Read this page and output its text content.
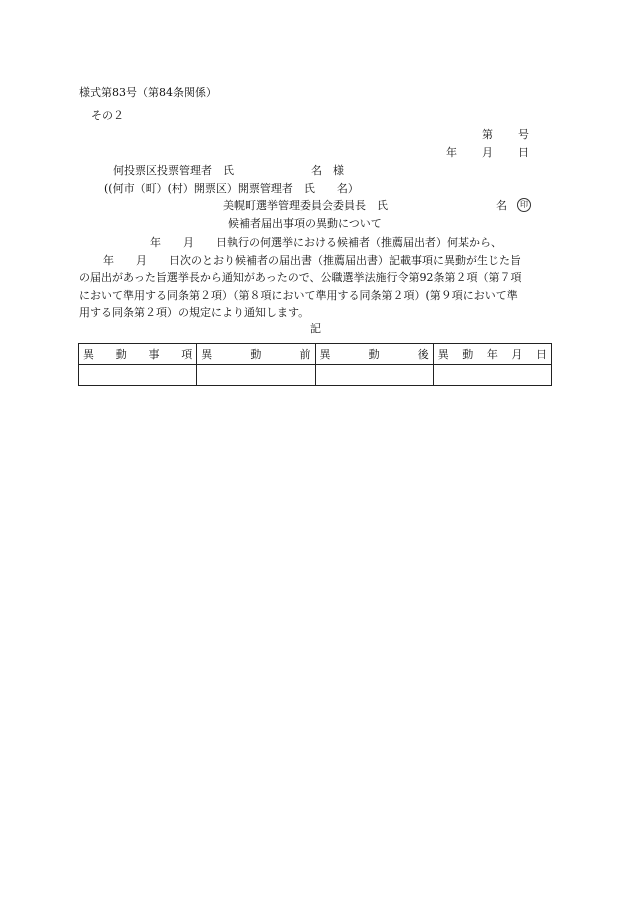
様式第83号（第84条関係）
その２
第 号
年 月 日
何投票区投票管理者　氏　　　　　　　名　様
((何市（町）(村）開票区）開票管理者　氏　　名）
美幌町選挙管理委員会委員長　氏	名	印
候補者届出事項の異動について
年　　月　　日執行の何選挙における候補者（推薦届出者）何某から、
年　　月　　日次のとおり候補者の届出書（推薦届出書）記載事項に異動が生じた旨
の届出があった旨選挙長から通知があったので、公職選挙法施行令第92条第２項（第７項
において準用する同条第２項）（第８項において準用する同条第２項）(第９項において準
用する同条第２項）の規定により通知します。
記
異　動　事　項	異　動　前	異　動　後	異　動　年　月　日
